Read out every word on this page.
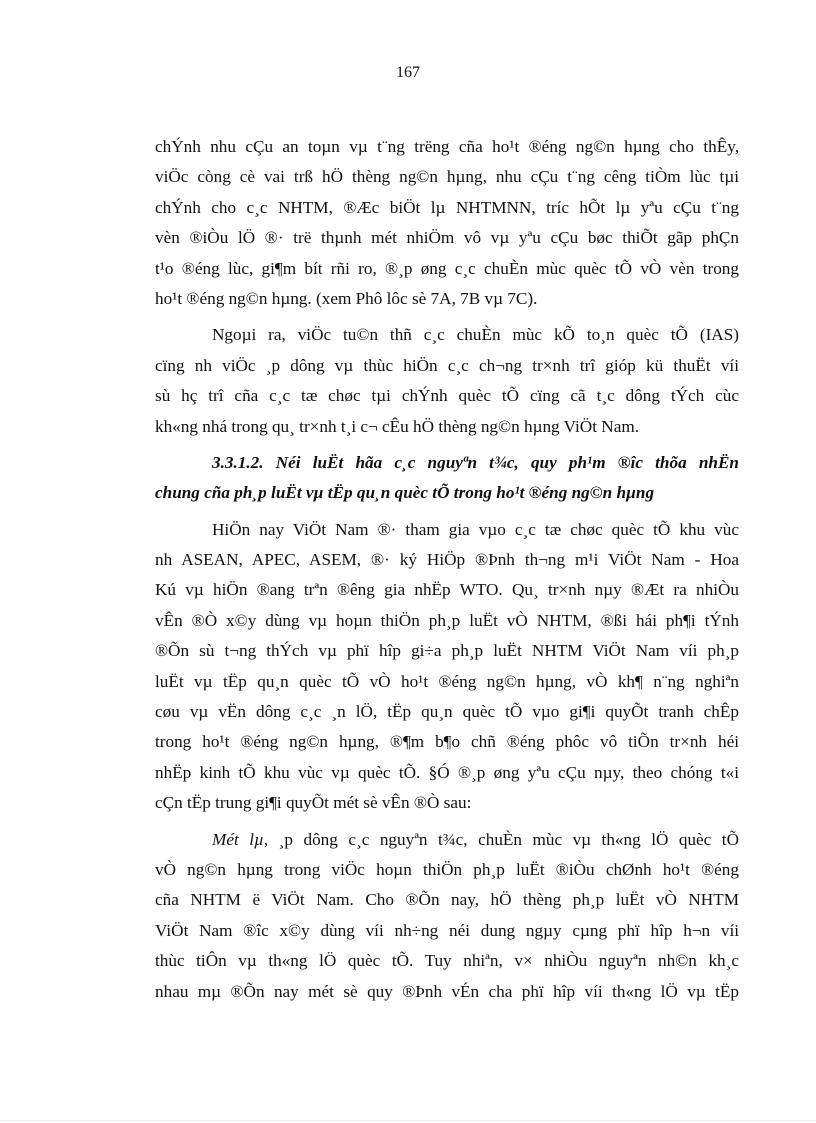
167
chÝnh nhu cÇu an toµn vµ t¨ng trëng cña ho¹t ®éng ng©n hµng cho thÊy,
viÖc còng cè vai trß hÖ thèng ng©n hµng, nhu cÇu t¨ng cêng tiÒm lùc tµi
chÝnh cho c¸c NHTM, ®Æc biÖt lµ NHTMNN, tríc hÕt lµ yªu cÇu t¨ng
vèn ®iÒu lÖ ®· trë thµnh mét nhiÖm vô vµ yªu cÇu bøc thiÕt gãp phÇn
t¹o ®éng lùc, gi¶m bít rñi ro, ®¸p øng c¸c chuÈn mùc quèc tÕ vÒ vèn trong
ho¹t ®éng ng©n hµng. (xem Phô lôc sè 7A, 7B vµ 7C).
Ngoµi ra, viÖc tu©n thñ c¸c chuÈn mùc kÕ to¸n quèc tÕ (IAS)
cïng nh viÖc ¸p dông vµ thùc hiÖn c¸c ch¬ng tr×nh trî gióp kü thuËt víi
sù hç trî cña c¸c tæ chøc tµi chÝnh quèc tÕ cïng cã t¸c dông tÝch cùc
kh«ng nhá trong qu¸ tr×nh t¸i c¬ cÊu hÖ thèng ng©n hµng ViÖt Nam.
3.3.1.2. Néi luËt hãa c¸c nguyªn t¾c, quy ph¹m ®îc thõa nhËn
chung cña ph¸p luËt vµ tËp qu¸n quèc tÕ trong ho¹t ®éng ng©n hµng
HiÖn nay ViÖt Nam ®· tham gia vµo c¸c tæ chøc quèc tÕ khu vùc
nh ASEAN, APEC, ASEM, ®· ký HiÖp ®Þnh th¬ng m¹i ViÖt Nam - Hoa
Kú vµ hiÖn ®ang trªn ®êng gia nhËp WTO. Qu¸ tr×nh nµy ®Æt ra nhiÒu
vÊn ®Ò x©y dùng vµ hoµn thiÖn ph¸p luËt vÒ NHTM, ®ßi hái ph¶i tÝnh
®Õn sù t¬ng thÝch vµ phï hîp gi÷a ph¸p luËt NHTM ViÖt Nam víi ph¸p
luËt vµ tËp qu¸n quèc tÕ vÒ ho¹t ®éng ng©n hµng, vÒ kh¶ n¨ng nghiªn
cøu vµ vËn dông c¸c ¸n lÖ, tËp qu¸n quèc tÕ vµo gi¶i quyÕt tranh chÊp
trong ho¹t ®éng ng©n hµng, ®¶m b¶o chñ ®éng phôc vô tiÕn tr×nh héi
nhËp kinh tÕ khu vùc vµ quèc tÕ. §Ó ®¸p øng yªu cÇu nµy, theo chóng t«i
cÇn tËp trung gi¶i quyÕt mét sè vÊn ®Ò sau:
Mét lµ, ¸p dông c¸c nguyªn t¾c, chuÈn mùc vµ th«ng lÖ quèc tÕ
vÒ ng©n hµng trong viÖc hoµn thiÖn ph¸p luËt ®iÒu chØnh ho¹t ®éng
cña NHTM ë ViÖt Nam. Cho ®Õn nay, hÖ thèng ph¸p luËt vÒ NHTM
ViÖt Nam ®îc x©y dùng víi nh÷ng néi dung ngµy cµng phï hîp h¬n víi
thùc tiÔn vµ th«ng lÖ quèc tÕ. Tuy nhiªn, v× nhiÒu nguyªn nh©n kh¸c
nhau mµ ®Õn nay mét sè quy ®Þnh vÉn cha phï hîp víi th«ng lÖ vµ tËp
